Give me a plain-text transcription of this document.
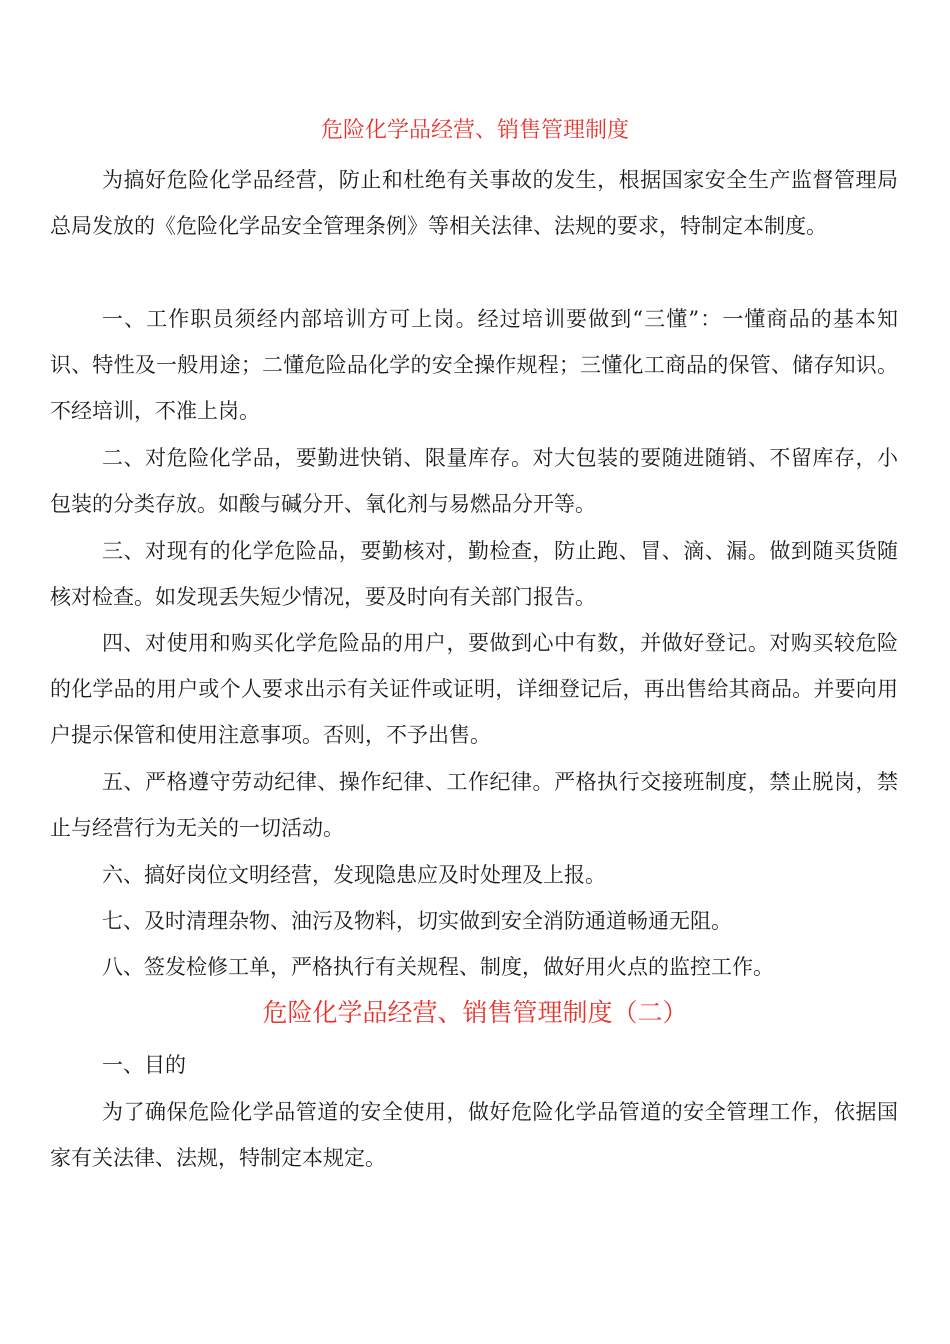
危险化学品经营、销售管理制度

为搞好危险化学品经营，防止和杜绝有关事故的发生，根据国家安全生产监督管理局总局发放的《危险化学品安全管理条例》等相关法律、法规的要求，特制定本制度。

一、工作职员须经内部培训方可上岗。经过培训要做到“三懂”：一懂商品的基本知识、特性及一般用途；二懂危险品化学的安全操作规程；三懂化工商品的保管、储存知识。不经培训，不准上岗。

二、对危险化学品，要勤进快销、限量库存。对大包装的要随进随销、不留库存，小包装的分类存放。如酸与碱分开、氧化剂与易燃品分开等。

三、对现有的化学危险品，要勤核对，勤检查，防止跑、冒、滴、漏。做到随买货随核对检查。如发现丢失短少情况，要及时向有关部门报告。

四、对使用和购买化学危险品的用户，要做到心中有数，并做好登记。对购买较危险的化学品的用户或个人要求出示有关证件或证明，详细登记后，再出售给其商品。并要向用户提示保管和使用注意事项。否则，不予出售。

五、严格遵守劳动纪律、操作纪律、工作纪律。严格执行交接班制度，禁止脱岗，禁止与经营行为无关的一切活动。

六、搞好岗位文明经营，发现隐患应及时处理及上报。

七、及时清理杂物、油污及物料，切实做到安全消防通道畅通无阻。

八、签发检修工单，严格执行有关规程、制度，做好用火点的监控工作。

危险化学品经营、销售管理制度（二）

一、目的

为了确保危险化学品管道的安全使用，做好危险化学品管道的安全管理工作，依据国家有关法律、法规，特制定本规定。
